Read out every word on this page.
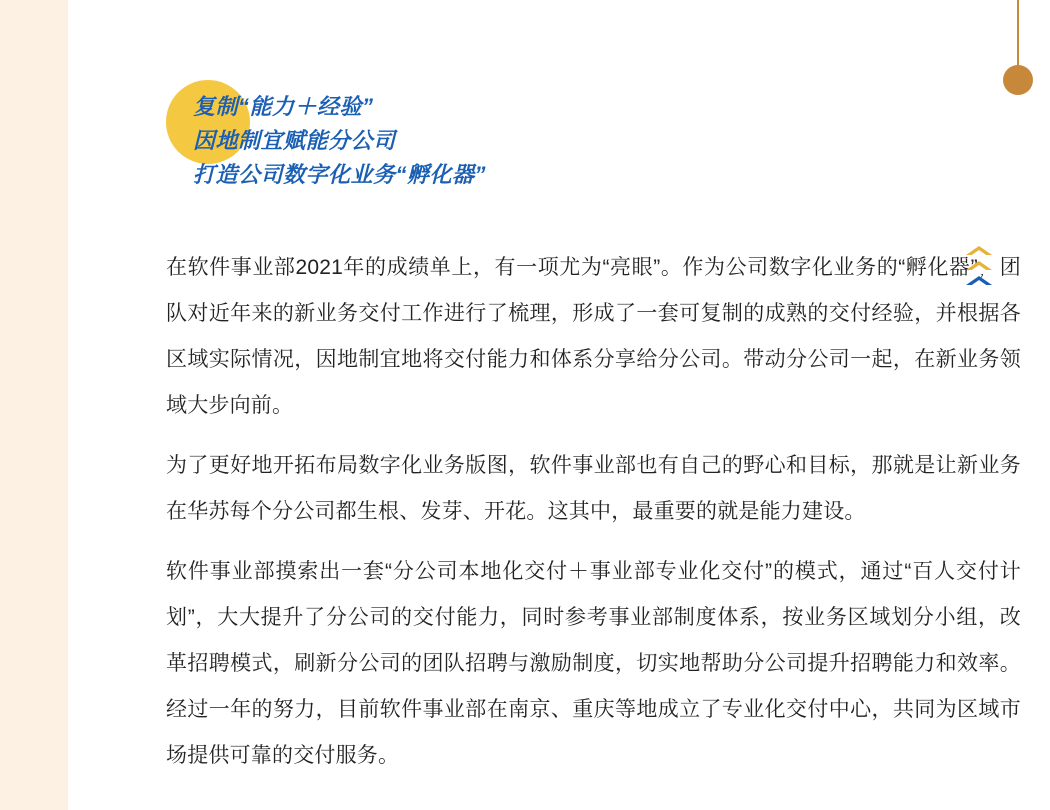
复制“能力＋经验”
因地制宜赋能分公司
打造公司数字化业务“孵化器”

在软件事业部2021年的成绩单上，有一项尤为“亮眼”。作为公司数字化业务的“孵化器”，团队对近年来的新业务交付工作进行了梳理，形成了一套可复制的成熟的交付经验，并根据各区域实际情况，因地制宜地将交付能力和体系分享给分公司。带动分公司一起，在新业务领域大步向前。

为了更好地开拓布局数字化业务版图，软件事业部也有自己的野心和目标，那就是让新业务在华苏每个分公司都生根、发芽、开花。这其中，最重要的就是能力建设。

软件事业部摸索出一套“分公司本地化交付＋事业部专业化交付”的模式，通过“百人交付计划”，大大提升了分公司的交付能力，同时参考事业部制度体系，按业务区域划分小组，改革招聘模式，刷新分公司的团队招聘与激励制度，切实地帮助分公司提升招聘能力和效率。经过一年的努力，目前软件事业部在南京、重庆等地成立了专业化交付中心，共同为区域市场提供可靠的交付服务。
